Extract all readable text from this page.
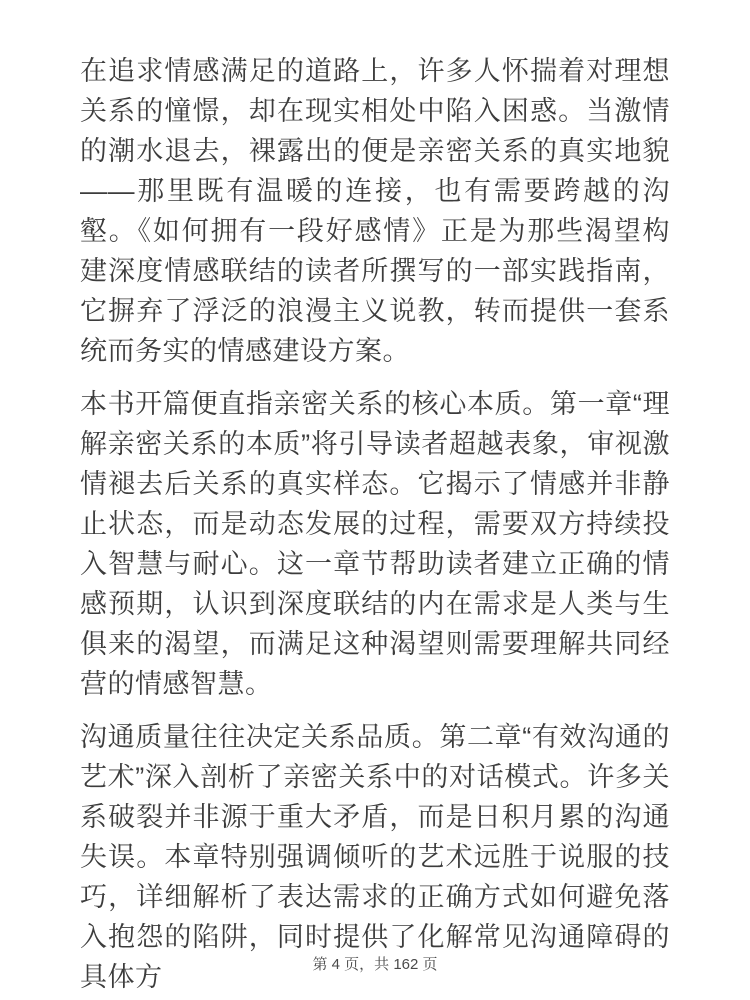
在追求情感满足的道路上，许多人怀揣着对理想关系的憧憬，却在现实相处中陷入困惑。当激情的潮水退去，裸露出的便是亲密关系的真实地貌——那里既有温暖的连接，也有需要跨越的沟壑。《如何拥有一段好感情》正是为那些渴望构建深度情感联结的读者所撰写的一部实践指南，它摒弃了浮泛的浪漫主义说教，转而提供一套系统而务实的情感建设方案。

本书开篇便直指亲密关系的核心本质。第一章“理解亲密关系的本质”将引导读者超越表象，审视激情褪去后关系的真实样态。它揭示了情感并非静止状态，而是动态发展的过程，需要双方持续投入智慧与耐心。这一章节帮助读者建立正确的情感预期，认识到深度联结的内在需求是人类与生俱来的渴望，而满足这种渴望则需要理解共同经营的情感智慧。

沟通质量往往决定关系品质。第二章“有效沟通的艺术”深入剖析了亲密关系中的对话模式。许多关系破裂并非源于重大矛盾，而是日积月累的沟通失误。本章特别强调倾听的艺术远胜于说服的技巧，详细解析了表达需求的正确方式如何避免落入抱怨的陷阱，同时提供了化解常见沟通障碍的具体方	第 4 页，共 162 页
